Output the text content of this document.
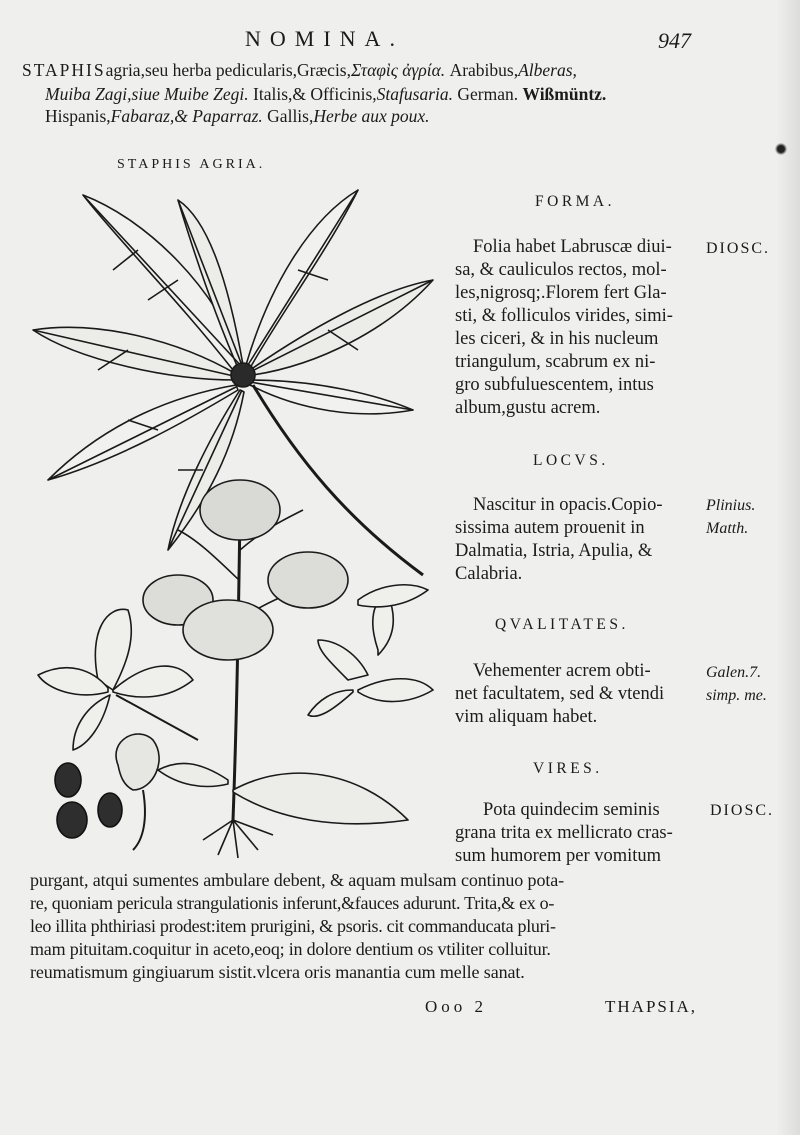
NOMINA.	947
STAPHISagria,seu herba pedicularis,Græcis,Σταφὶς ἀγρία. Arabibus,Alberas,
Muiba Zagi,siue Muibe Zegi. Italis,& Officinis,Stafusaria. German. Wißmüntz.
Hispanis,Fabaraz,& Paparraz. Gallis,Herbe aux poux.
STAPHIS AGRIA.
FORMA.
Folia habet Labruscæ diui-
sa, & cauliculos rectos, mol-
les,nigrosq;.Florem fert Gla-
sti, & folliculos virides, simi-
les ciceri, & in his nucleum
triangulum, scabrum ex ni-
gro subfuluescentem, intus
album,gustu acrem.
DIOSC.
LOCVS.
Nascitur in opacis.Copio-
sissima autem prouenit in
Dalmatia, Istria, Apulia, &
Calabria.
Plinius.
Matth.
QVALITATES.
Vehementer acrem obti-
net facultatem, sed & vtendi
vim aliquam habet.
Galen.7.
simp. me.
VIRES.
Pota quindecim seminis
grana trita ex mellicrato cras-
sum humorem per vomitum
DIOSC.
purgant, atqui sumentes ambulare debent, & aquam mulsam continuo pota-
re, quoniam pericula strangulationis inferunt,&fauces adurunt. Trita,& ex o-
leo illita phthiriasi prodest:item prurigini, & psoris. cit commanducata pluri-
mam pituitam.coquitur in aceto,eoq; in dolore dentium os vtiliter colluitur.
reumatismum gingiuarum sistit.vlcera oris manantia cum melle sanat.
Ooo 2	THAPSIA,
